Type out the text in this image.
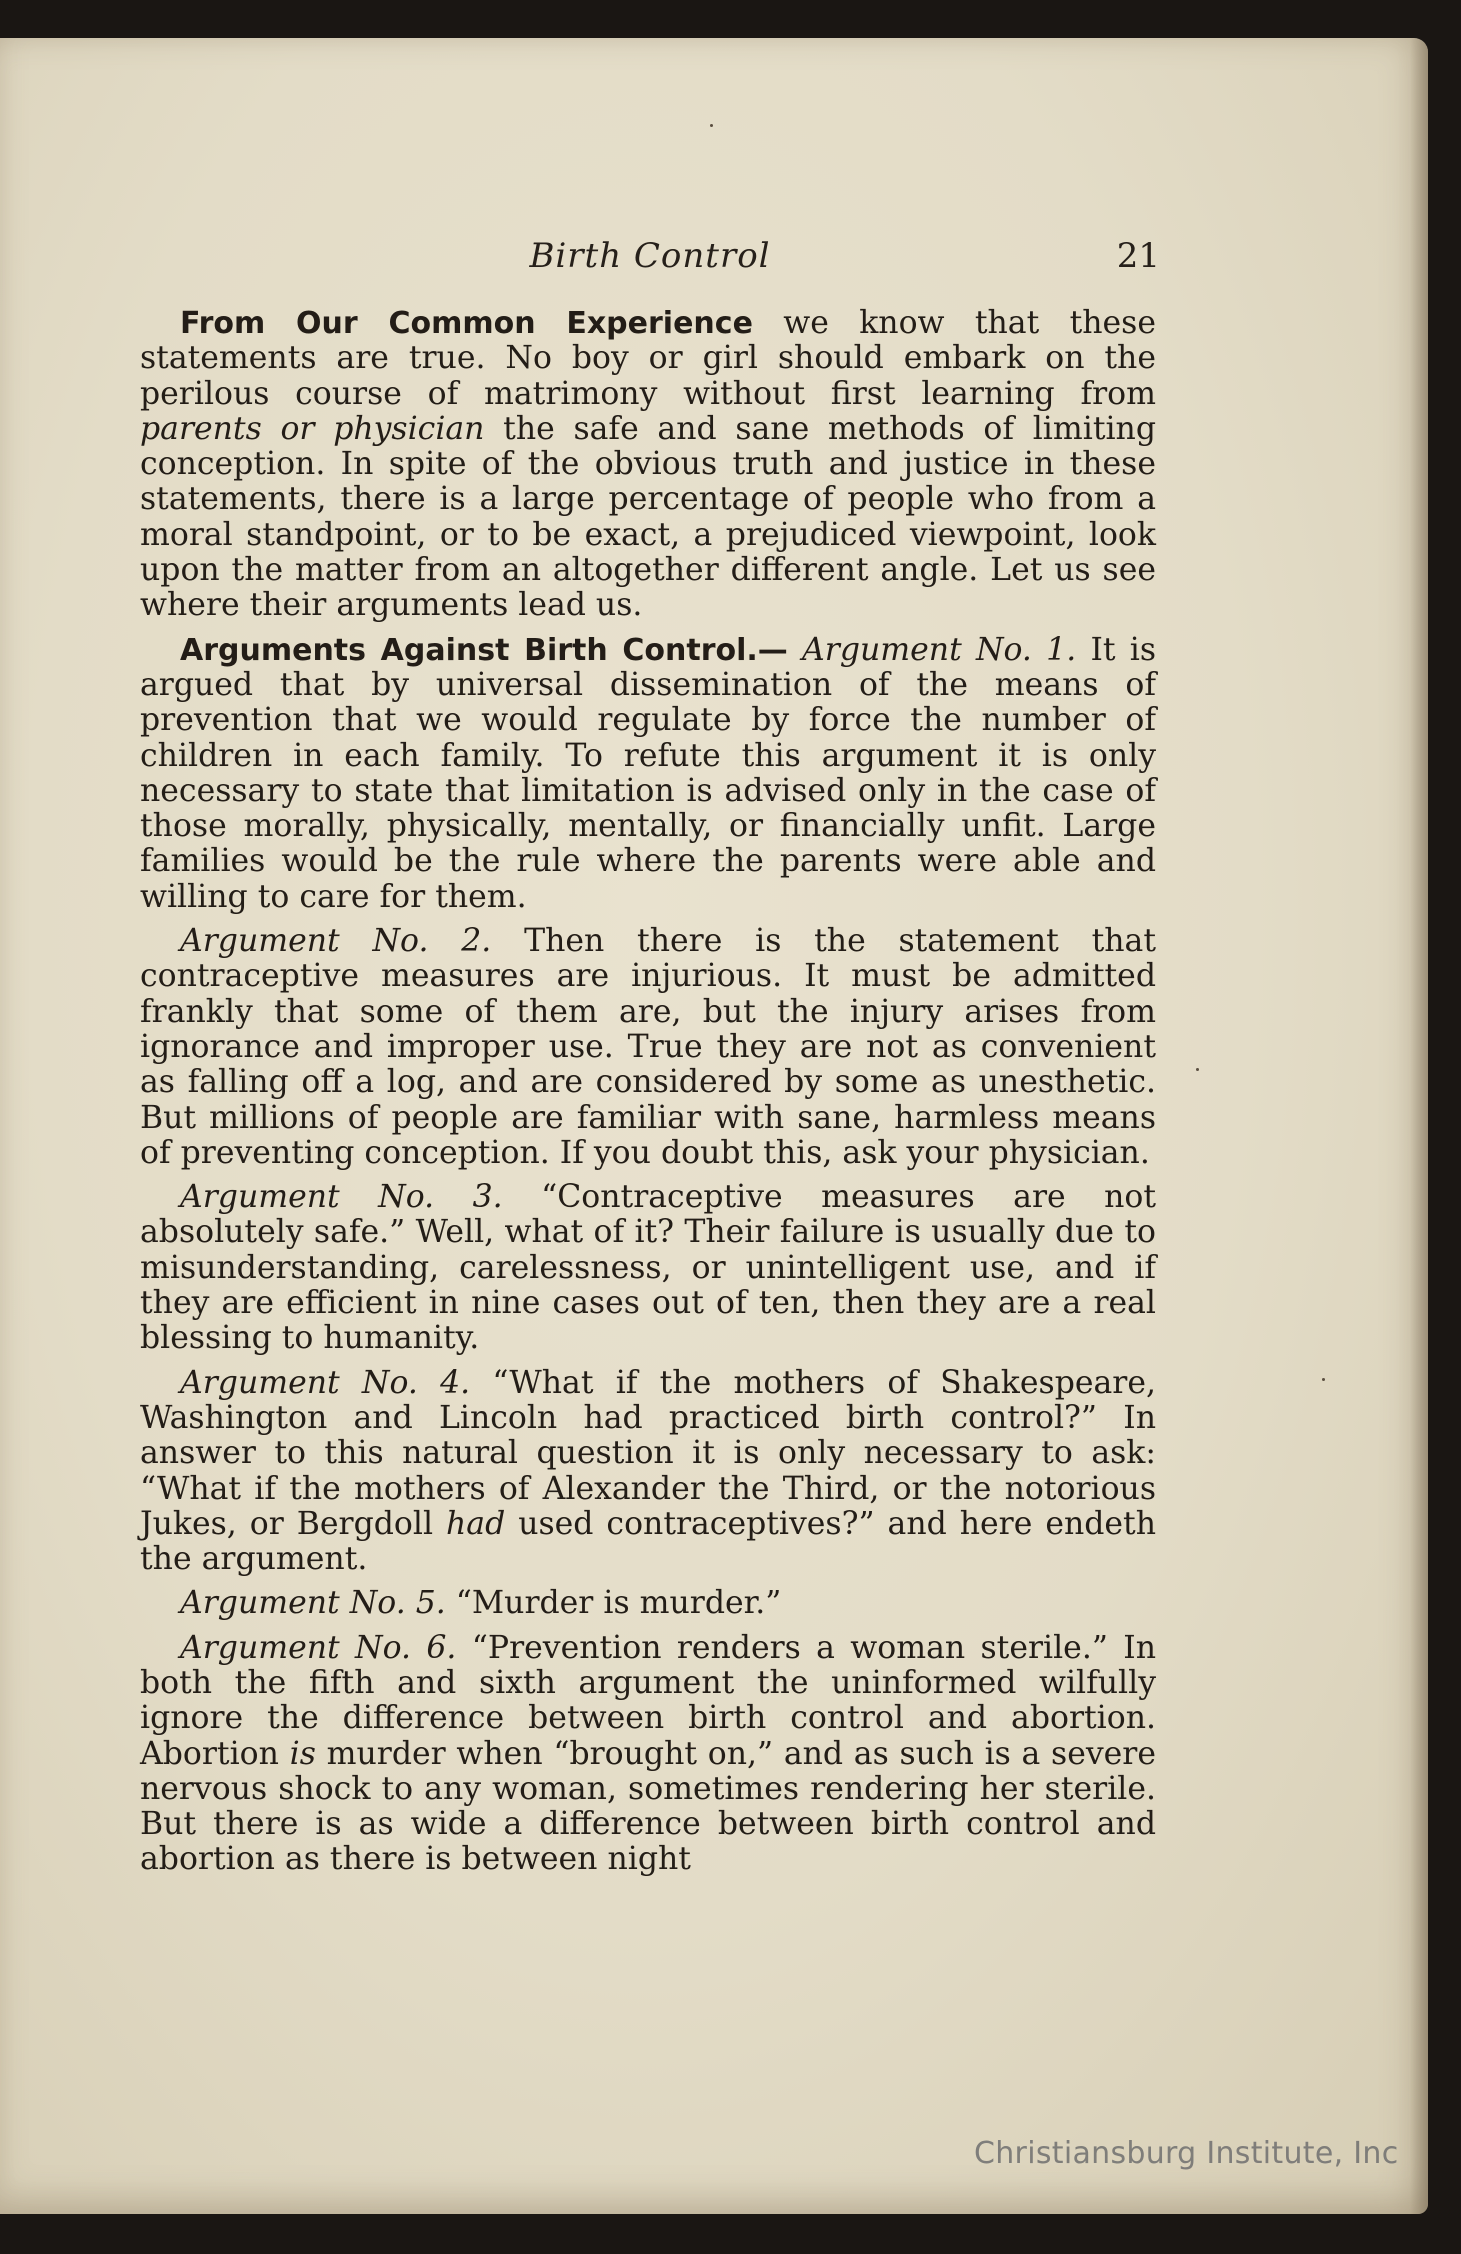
Birth Control	21

From Our Common Experience we know that these statements are true. No boy or girl should embark on the perilous course of matrimony without first learning from parents or physician the safe and sane methods of limiting conception. In spite of the obvious truth and justice in these statements, there is a large percentage of people who from a moral standpoint, or to be exact, a prejudiced viewpoint, look upon the matter from an altogether different angle. Let us see where their arguments lead us.

Arguments Against Birth Control.— Argument No. 1. It is argued that by universal dissemination of the means of prevention that we would regulate by force the number of children in each family. To refute this argument it is only necessary to state that limitation is advised only in the case of those morally, physically, mentally, or financially unfit. Large families would be the rule where the parents were able and willing to care for them.

Argument No. 2. Then there is the statement that contraceptive measures are injurious. It must be admitted frankly that some of them are, but the injury arises from ignorance and improper use. True they are not as convenient as falling off a log, and are considered by some as unesthetic. But millions of people are familiar with sane, harmless means of preventing conception. If you doubt this, ask your physician.

Argument No. 3. “Contraceptive measures are not absolutely safe.” Well, what of it? Their failure is usually due to misunderstanding, carelessness, or unintelligent use, and if they are efficient in nine cases out of ten, then they are a real blessing to humanity.

Argument No. 4. “What if the mothers of Shakespeare, Washington and Lincoln had practiced birth control?” In answer to this natural question it is only necessary to ask: “What if the mothers of Alexander the Third, or the notorious Jukes, or Bergdoll had used contraceptives?” and here endeth the argument.

Argument No. 5. “Murder is murder.”

Argument No. 6. “Prevention renders a woman sterile.” In both the fifth and sixth argument the uninformed wilfully ignore the difference between birth control and abortion. Abortion is murder when “brought on,” and as such is a severe nervous shock to any woman, sometimes rendering her sterile. But there is as wide a difference between birth control and abortion as there is between night

Christiansburg Institute, Inc
